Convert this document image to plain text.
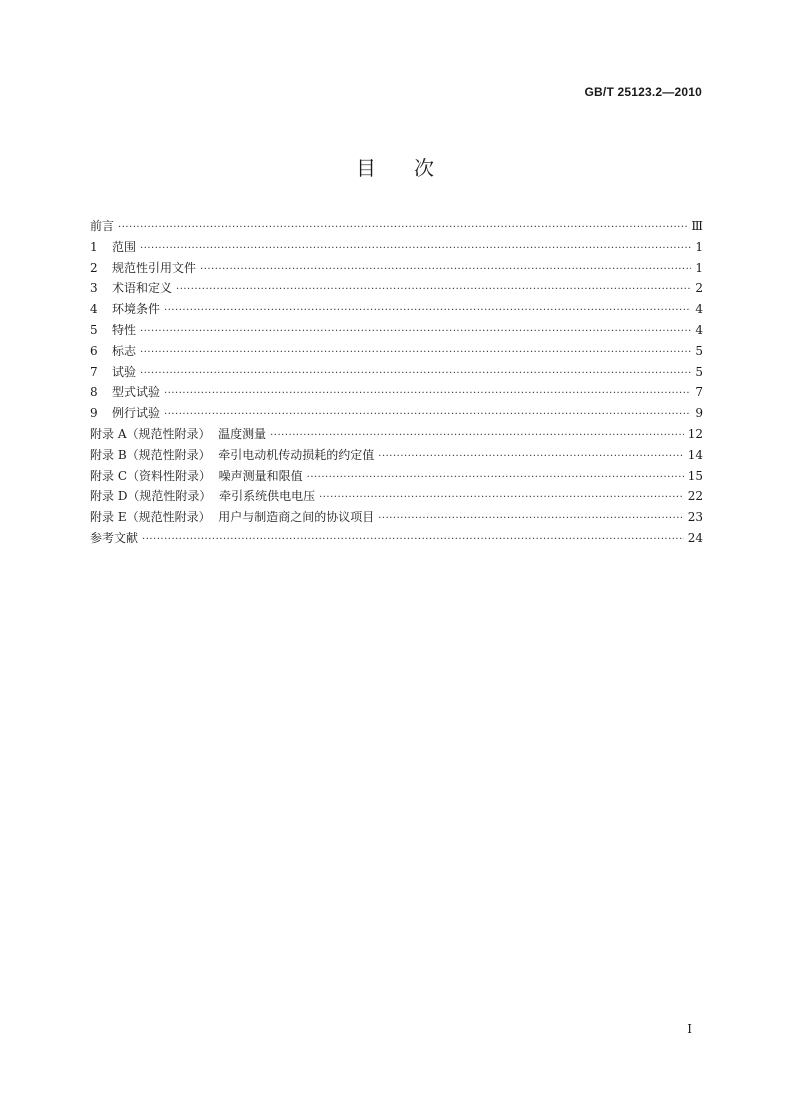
GB/T 25123.2—2010
目 次
前言 ·····	Ⅲ
1 范围 ·····	1
2 规范性引用文件 ·····	1
3 术语和定义 ·····	2
4 环境条件 ·····	4
5 特性 ·····	4
6 标志 ·····	5
7 试验 ·····	5
8 型式试验 ·····	7
9 例行试验 ·····	9
附录 A（规范性附录）  温度测量 ·····	12
附录 B（规范性附录）  牵引电动机传动损耗的约定值 ·····	14
附录 C（资料性附录）  噪声测量和限值 ·····	15
附录 D（规范性附录）  牵引系统供电电压 ·····	22
附录 E（规范性附录）  用户与制造商之间的协议项目 ·····	23
参考文献 ·····	24
I
